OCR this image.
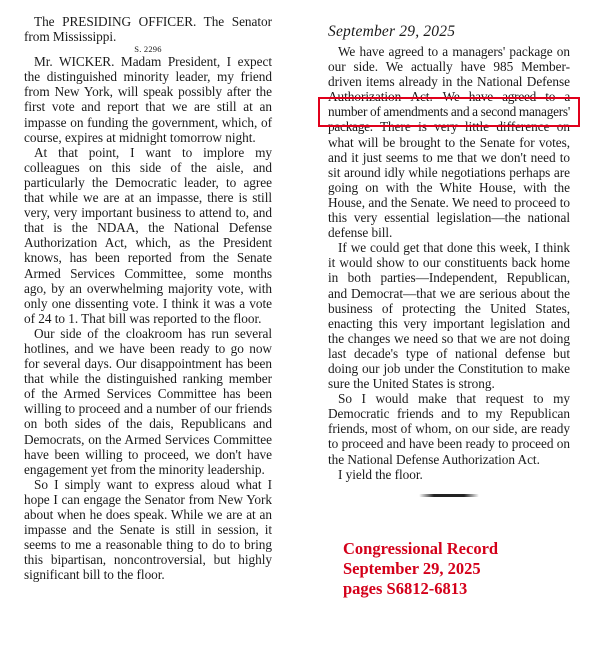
The PRESIDING OFFICER. The Senator from Mississippi.

S. 2296

Mr. WICKER. Madam President, I expect the distinguished minority leader, my friend from New York, will speak possibly after the first vote and report that we are still at an impasse on funding the government, which, of course, expires at midnight tomorrow night.

At that point, I want to implore my colleagues on this side of the aisle, and particularly the Democratic leader, to agree that while we are at an impasse, there is still very, very important business to attend to, and that is the NDAA, the National Defense Authorization Act, which, as the President knows, has been reported from the Senate Armed Services Committee, some months ago, by an overwhelming majority vote, with only one dissenting vote. I think it was a vote of 24 to 1. That bill was reported to the floor.

Our side of the cloakroom has run several hotlines, and we have been ready to go now for several days. Our disappointment has been that while the distinguished ranking member of the Armed Services Committee has been willing to proceed and a number of our friends on both sides of the dais, Republicans and Democrats, on the Armed Services Committee have been willing to proceed, we don't have engagement yet from the minority leadership.

So I simply want to express aloud what I hope I can engage the Senator from New York about when he does speak. While we are at an impasse and the Senate is still in session, it seems to me a reasonable thing to do to bring this bipartisan, noncontroversial, but highly significant bill to the floor.

September 29, 2025

We have agreed to a managers' package on our side. We actually have 985 Member-driven items already in the National Defense Authorization Act. We have agreed to a number of amendments and a second managers' package. There is very little difference on what will be brought to the Senate for votes, and it just seems to me that we don't need to sit around idly while negotiations perhaps are going on with the White House, with the House, and the Senate. We need to proceed to this very essential legislation—the national defense bill.

If we could get that done this week, I think it would show to our constituents back home in both parties—Independent, Republican, and Democrat—that we are serious about the business of protecting the United States, enacting this very important legislation and the changes we need so that we are not doing last decade's type of national defense but doing our job under the Constitution to make sure the United States is strong.

So I would make that request to my Democratic friends and to my Republican friends, most of whom, on our side, are ready to proceed and have been ready to proceed on the National Defense Authorization Act.

I yield the floor.

Congressional Record
September 29, 2025
pages S6812-6813
